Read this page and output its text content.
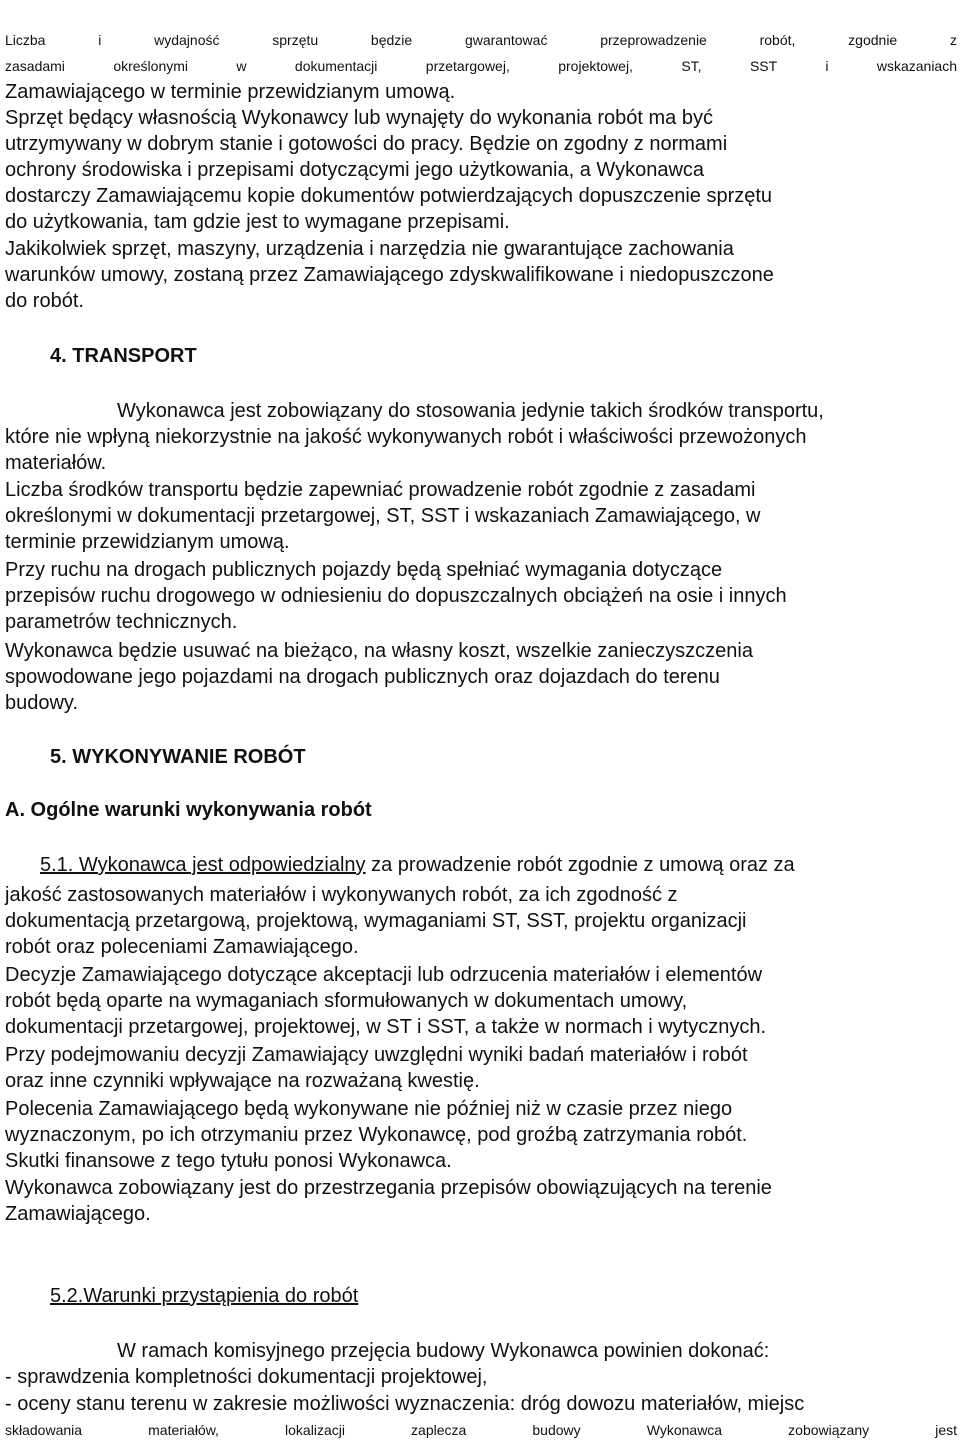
Liczba i wydajność sprzętu będzie gwarantować przeprowadzenie robót, zgodnie z
zasadami określonymi w dokumentacji przetargowej, projektowej, ST, SST i wskazaniach
Zamawiającego w terminie przewidzianym umową.
Sprzęt będący własnością Wykonawcy lub wynajęty do wykonania robót ma być
utrzymywany w dobrym stanie i gotowości do pracy. Będzie on zgodny z normami
ochrony środowiska i przepisami dotyczącymi jego użytkowania, a Wykonawca
dostarczy Zamawiającemu kopie dokumentów potwierdzających dopuszczenie sprzętu
do użytkowania, tam gdzie jest to wymagane przepisami.
Jakikolwiek sprzęt, maszyny, urządzenia i narzędzia nie gwarantujące zachowania
warunków umowy, zostaną przez Zamawiającego zdyskwalifikowane i niedopuszczone
do robót.
4. TRANSPORT
Wykonawca jest zobowiązany do stosowania jedynie takich środków transportu,
które nie wpłyną niekorzystnie na jakość wykonywanych robót i właściwości przewożonych
materiałów.
Liczba środków transportu będzie zapewniać prowadzenie robót zgodnie z zasadami
określonymi w dokumentacji przetargowej, ST, SST i wskazaniach Zamawiającego, w
terminie przewidzianym umową.
Przy ruchu na drogach publicznych pojazdy będą spełniać wymagania dotyczące
przepisów ruchu drogowego w odniesieniu do dopuszczalnych obciążeń na osie i innych
parametrów technicznych.
Wykonawca będzie usuwać na bieżąco, na własny koszt, wszelkie zanieczyszczenia
spowodowane jego pojazdami na drogach publicznych oraz dojazdach do terenu
budowy.
5. WYKONYWANIE ROBÓT
A. Ogólne warunki wykonywania robót
5.1. Wykonawca jest odpowiedzialny za prowadzenie robót zgodnie z umową oraz za
jakość zastosowanych materiałów i wykonywanych robót, za ich zgodność z
dokumentacją przetargową, projektową, wymaganiami ST, SST, projektu organizacji
robót oraz poleceniami Zamawiającego.
Decyzje Zamawiającego dotyczące akceptacji lub odrzucenia materiałów i elementów
robót będą oparte na wymaganiach sformułowanych w dokumentach umowy,
dokumentacji przetargowej, projektowej, w ST i SST, a także w normach i wytycznych.
Przy podejmowaniu decyzji Zamawiający uwzględni wyniki badań materiałów i robót
oraz inne czynniki wpływające na rozważaną kwestię.
Polecenia Zamawiającego będą wykonywane nie później niż w czasie przez niego
wyznaczonym, po ich otrzymaniu przez Wykonawcę, pod groźbą zatrzymania robót.
Skutki finansowe z tego tytułu ponosi Wykonawca.
Wykonawca zobowiązany jest do przestrzegania przepisów obowiązujących na terenie
Zamawiającego.
5.2.Warunki przystąpienia do robót
W ramach komisyjnego przejęcia budowy Wykonawca powinien dokonać:
- sprawdzenia kompletności dokumentacji projektowej,
- oceny stanu terenu w zakresie możliwości wyznaczenia: dróg dowozu materiałów, miejsc
składowania materiałów, lokalizacji zaplecza budowy Wykonawca zobowiązany jest
